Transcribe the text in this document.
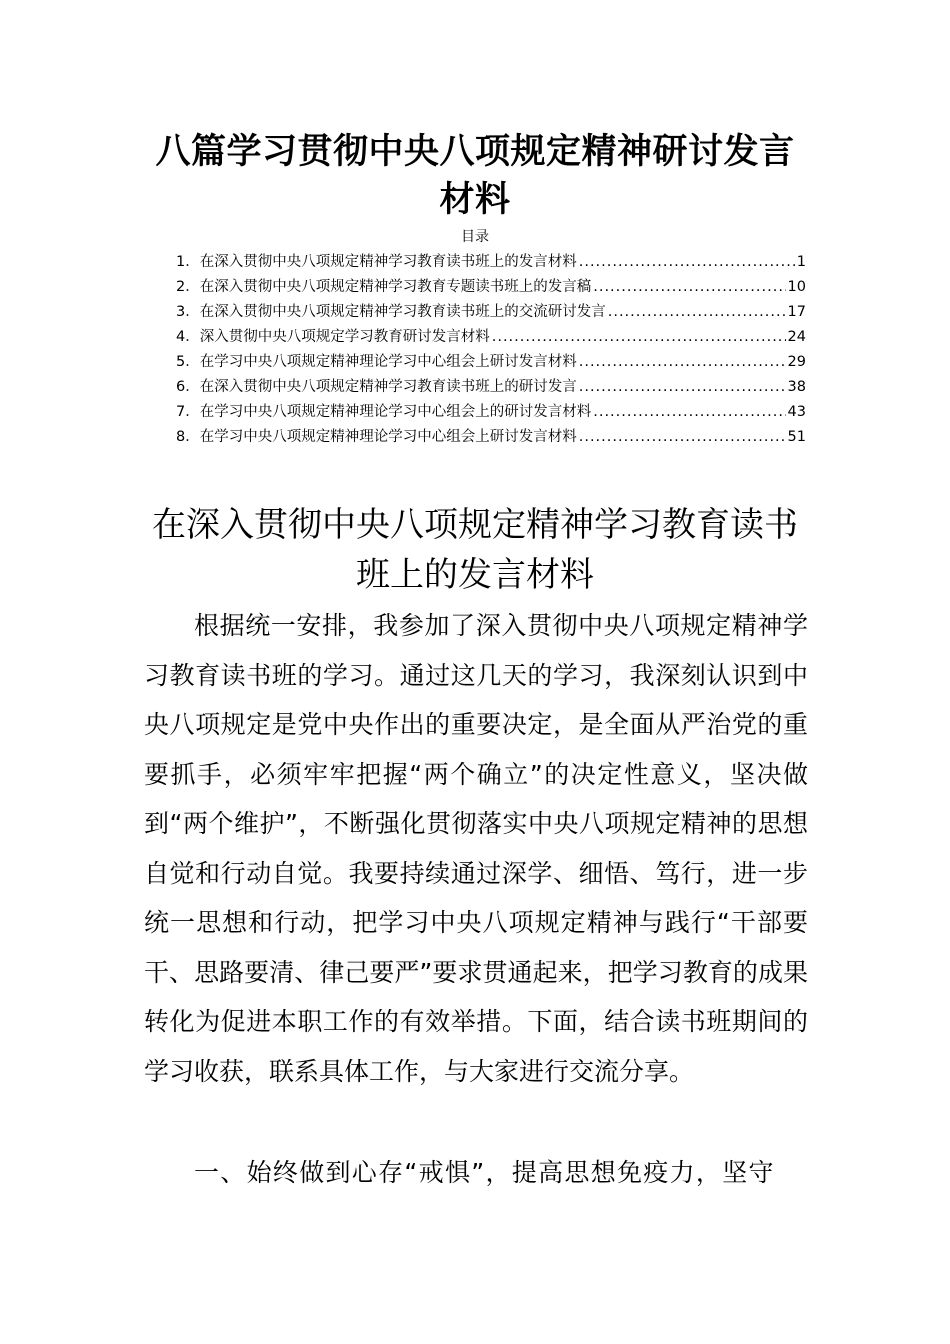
八篇学习贯彻中央八项规定精神研讨发言材料
目录
1． 在深入贯彻中央八项规定精神学习教育读书班上的发言材料 .....	1
2． 在深入贯彻中央八项规定精神学习教育专题读书班上的发言稿 .....	10
3． 在深入贯彻中央八项规定精神学习教育读书班上的交流研讨发言 .....	17
4． 深入贯彻中央八项规定学习教育研讨发言材料 .....	24
5． 在学习中央八项规定精神理论学习中心组会上研讨发言材料 .....	29
6． 在深入贯彻中央八项规定精神学习教育读书班上的研讨发言 .....	38
7． 在学习中央八项规定精神理论学习中心组会上的研讨发言材料 .....	43
8． 在学习中央八项规定精神理论学习中心组会上研讨发言材料 .....	51
在深入贯彻中央八项规定精神学习教育读书班上的发言材料

根据统一安排，我参加了深入贯彻中央八项规定精神学习教育读书班的学习。通过这几天的学习，我深刻认识到中央八项规定是党中央作出的重要决定，是全面从严治党的重要抓手，必须牢牢把握“两个确立”的决定性意义，坚决做到“两个维护”，不断强化贯彻落实中央八项规定精神的思想自觉和行动自觉。我要持续通过深学、细悟、笃行，进一步统一思想和行动，把学习中央八项规定精神与践行“干部要干、思路要清、律己要严”要求贯通起来，把学习教育的成果转化为促进本职工作的有效举措。下面，结合读书班期间的学习收获，联系具体工作，与大家进行交流分享。

一、始终做到心存“戒惧”，提高思想免疫力，坚守
